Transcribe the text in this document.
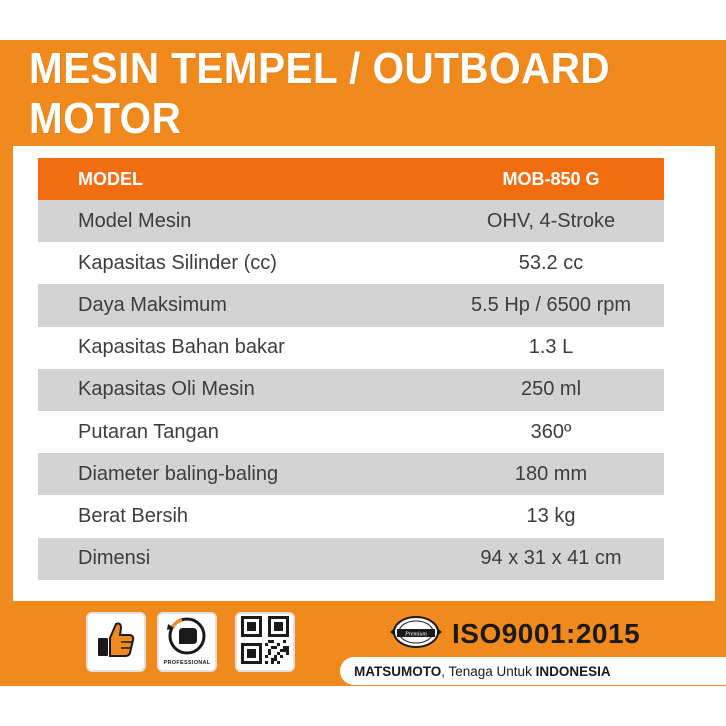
MESIN TEMPEL / OUTBOARD MOTOR
MODEL	MOB-850 G
Model Mesin	OHV, 4-Stroke
Kapasitas Silinder (cc)	53.2 cc
Daya Maksimum	5.5 Hp / 6500 rpm
Kapasitas Bahan bakar	1.3 L
Kapasitas Oli Mesin	250 ml
Putaran Tangan	360º
Diameter baling-baling	180 mm
Berat Bersih	13 kg
Dimensi	94 x 31 x 41 cm
PROFESSIONAL
Premium ISO9001:2015
MATSUMOTO , Tenaga Untuk INDONESIA
